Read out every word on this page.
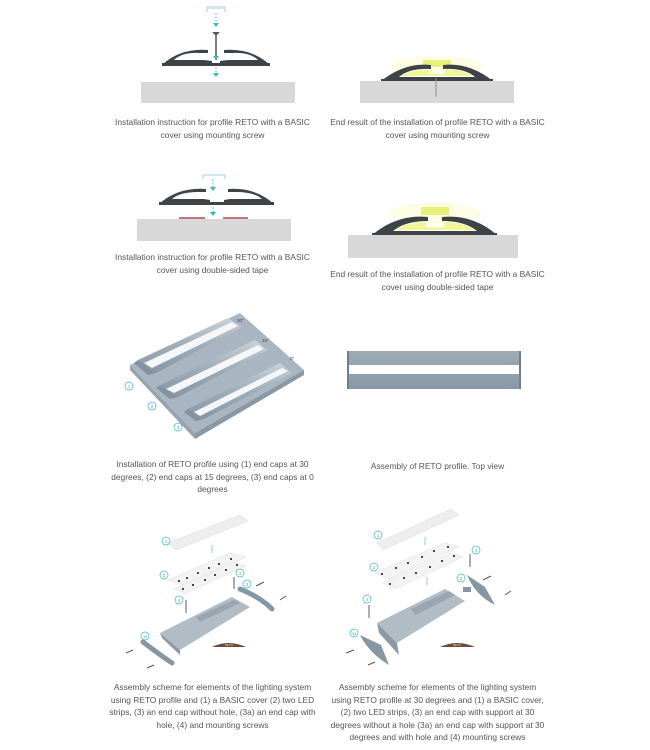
Installation instruction for profile RETO with a BASIC cover using mounting screw
End result of the installation of profile RETO with a BASIC cover using mounting screw
Installation instruction for profile RETO with a BASIC cover using double-sided tape	End result of the installation of profile RETO with a BASIC cover using double-sided tape
30°
15°
0°
1
2
3
Installation of RETO profile using (1) end caps at 30 degrees, (2) end caps at 15 degrees, (3) end caps at 0 degrees
Assembly of RETO profile. Top view
1
2
4
4
3
3a
RETO
Assembly scheme for elements of the lighting system using RETO profile and (1) a BASIC cover (2) two LED strips, (3) an end cap without hole, (3a) an end cap with hole, (4) and mounting screws
1
2
4
4
3
3a
RETO
Assembly scheme for elements of the lighting system using RETO profile at 30 degrees and (1) a BASIC cover, (2) two LED strips, (3) an end cap with support at 30 degrees without a hole (3a) an end cap with support at 30 degrees and with hole and (4) mounting screws
